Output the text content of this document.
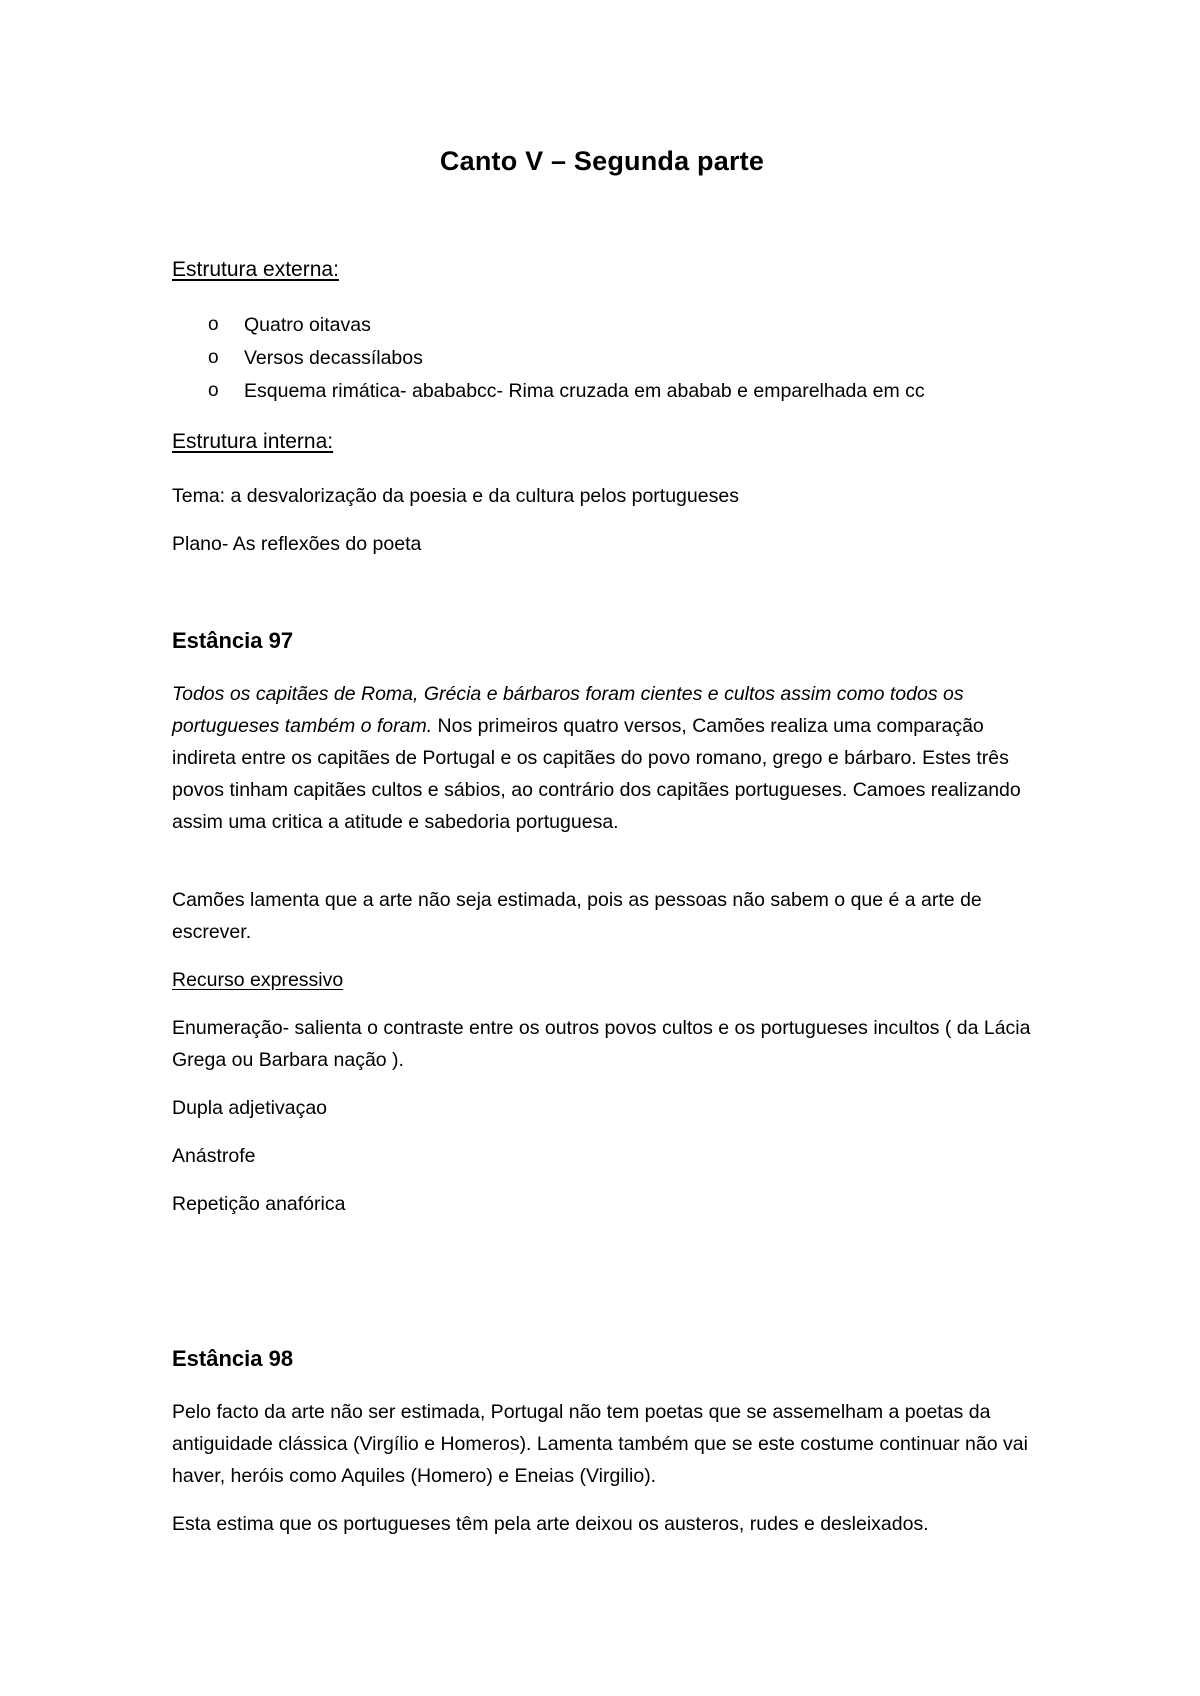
Canto V – Segunda parte
Estrutura externa:
o Quatro oitavas
o Versos decassílabos
o Esquema rimática- abababcc- Rima cruzada em ababab e emparelhada em cc
Estrutura interna:
Tema: a desvalorização da poesia e da cultura pelos portugueses
Plano- As reflexões do poeta
Estância 97
Todos os capitães de Roma, Grécia e bárbaros foram cientes e cultos assim como todos os portugueses também o foram. Nos primeiros quatro versos, Camões realiza uma comparação indireta entre os capitães de Portugal e os capitães do povo romano, grego e bárbaro. Estes três povos tinham capitães cultos e sábios, ao contrário dos capitães portugueses. Camoes realizando assim uma critica a atitude e sabedoria portuguesa.
Camões lamenta que a arte não seja estimada, pois as pessoas não sabem o que é a arte de escrever.
Recurso expressivo
Enumeração- salienta o contraste entre os outros povos cultos e os portugueses incultos ( da Lácia Grega ou Barbara nação ).
Dupla adjetivaçao
Anástrofe
Repetição anafórica
Estância 98
Pelo facto da arte não ser estimada, Portugal não tem poetas que se assemelham a poetas da antiguidade clássica (Virgílio e Homeros). Lamenta também que se este costume continuar não vai haver, heróis como Aquiles (Homero) e Eneias (Virgilio).
Esta estima que os portugueses têm pela arte deixou os austeros, rudes e desleixados.
